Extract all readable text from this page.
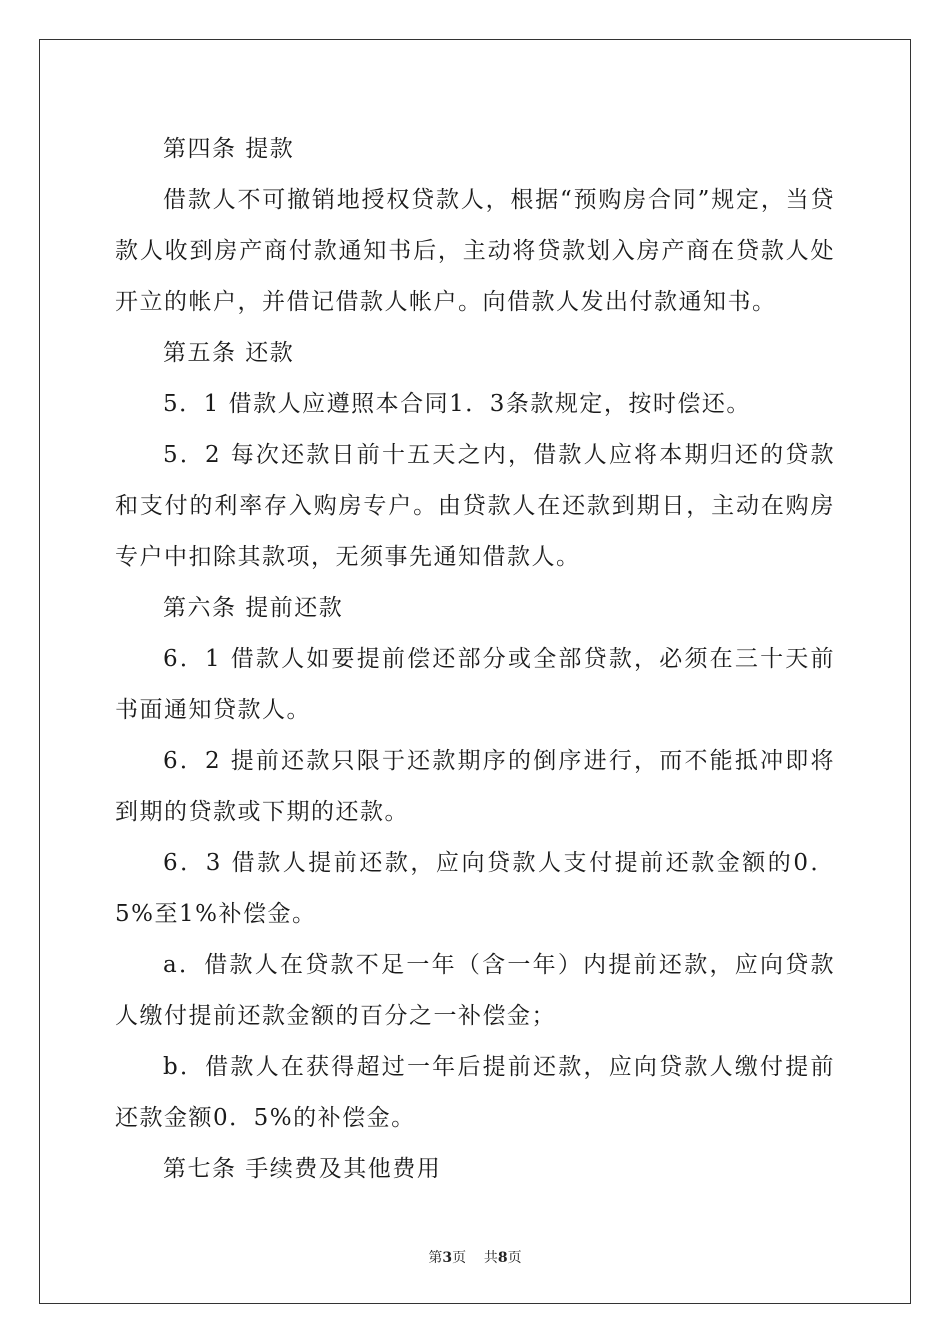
第四条 提款

借款人不可撤销地授权贷款人，根据“预购房合同”规定，当贷款人收到房产商付款通知书后，主动将贷款划入房产商在贷款人处开立的帐户，并借记借款人帐户。向借款人发出付款通知书。

第五条 还款

5．1 借款人应遵照本合同1．3条款规定，按时偿还。

5．2 每次还款日前十五天之内，借款人应将本期归还的贷款和支付的利率存入购房专户。由贷款人在还款到期日，主动在购房专户中扣除其款项，无须事先通知借款人。

第六条 提前还款

6．1 借款人如要提前偿还部分或全部贷款，必须在三十天前书面通知贷款人。

6．2 提前还款只限于还款期序的倒序进行，而不能抵冲即将到期的贷款或下期的还款。

6．3 借款人提前还款，应向贷款人支付提前还款金额的0．5%至1%补偿金。

a．借款人在贷款不足一年（含一年）内提前还款，应向贷款人缴付提前还款金额的百分之一补偿金；

b．借款人在获得超过一年后提前还款，应向贷款人缴付提前还款金额0．5%的补偿金。

第七条 手续费及其他费用

第3页 共8页
